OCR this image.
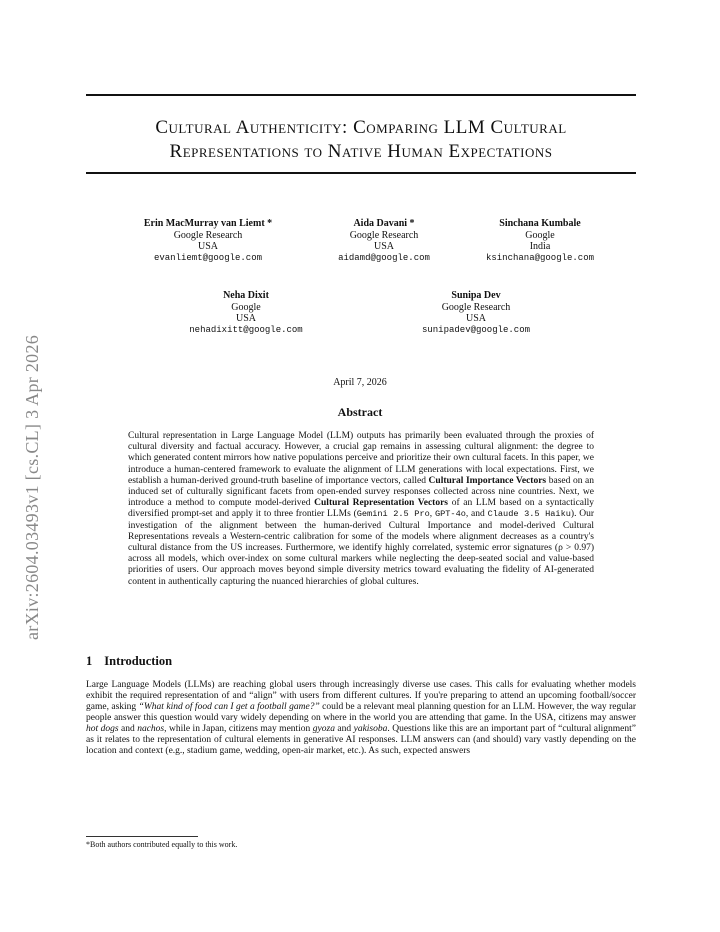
arXiv:2604.03493v1 [cs.CL] 3 Apr 2026
Cultural Authenticity: Comparing LLM Cultural
Representations to Native Human Expectations
Erin MacMurray van Liemt *
Google Research
USA
evanliemt@google.com
Aida Davani *
Google Research
USA
aidamd@google.com
Sinchana Kumbale
Google
India
ksinchana@google.com
Neha Dixit
Google
USA
nehadixitt@google.com
Sunipa Dev
Google Research
USA
sunipadev@google.com
April 7, 2026
Abstract
Cultural representation in Large Language Model (LLM) outputs has primarily been evaluated through the proxies of cultural diversity and factual accuracy. However, a crucial gap remains in assessing cultural alignment: the degree to which generated content mirrors how native populations perceive and prioritize their own cultural facets. In this paper, we introduce a human-centered framework to evaluate the alignment of LLM generations with local expectations. First, we establish a human-derived ground-truth baseline of importance vectors, called Cultural Importance Vectors based on an induced set of culturally significant facets from open-ended survey responses collected across nine countries. Next, we introduce a method to compute model-derived Cultural Representation Vectors of an LLM based on a syntactically diversified prompt-set and apply it to three frontier LLMs (Gemini 2.5 Pro, GPT-4o, and Claude 3.5 Haiku). Our investigation of the alignment between the human-derived Cultural Importance and model-derived Cultural Representations reveals a Western-centric calibration for some of the models where alignment decreases as a country's cultural distance from the US increases. Furthermore, we identify highly correlated, systemic error signatures (ρ > 0.97) across all models, which over-index on some cultural markers while neglecting the deep-seated social and value-based priorities of users. Our approach moves beyond simple diversity metrics toward evaluating the fidelity of AI-generated content in authentically capturing the nuanced hierarchies of global cultures.
1 Introduction
Large Language Models (LLMs) are reaching global users through increasingly diverse use cases. This calls for evaluating whether models exhibit the required representation of and “align” with users from different cultures. If you're preparing to attend an upcoming football/soccer game, asking “What kind of food can I get a football game?” could be a relevant meal planning question for an LLM. However, the way regular people answer this question would vary widely depending on where in the world you are attending that game. In the USA, citizens may answer hot dogs and nachos, while in Japan, citizens may mention gyoza and yakisoba. Questions like this are an important part of “cultural alignment” as it relates to the representation of cultural elements in generative AI responses. LLM answers can (and should) vary vastly depending on the location and context (e.g., stadium game, wedding, open-air market, etc.). As such, expected answers
*Both authors contributed equally to this work.
